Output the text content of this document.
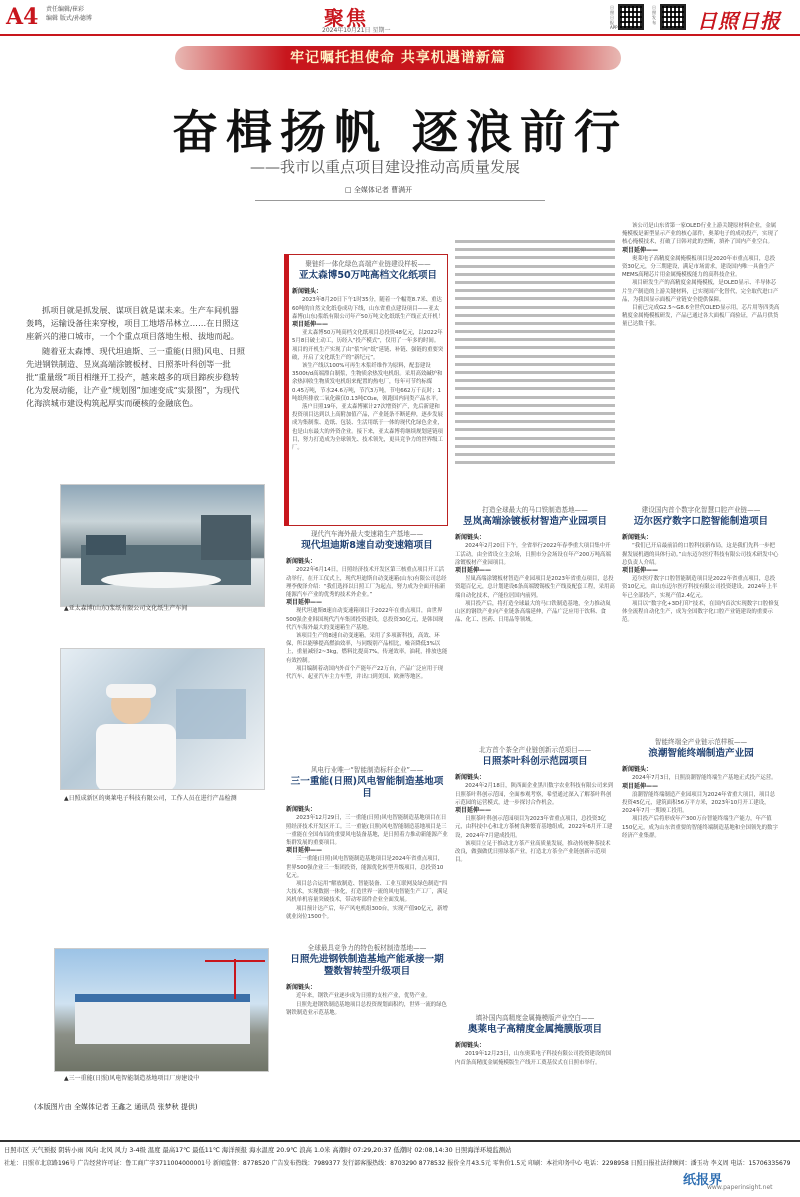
A4 责任编辑/崔彩
编辑 版式/孙德博	聚焦
2024年10月21日 星期一
日照日报APP
日照发布 日照日报
牢记嘱托担使命 共享机遇谱新篇
奋楫扬帆 逐浪前行
——我市以重点项目建设推动高质量发展
□ 全媒体记者 曹满开

抓项目就是抓发展、谋项目就是谋未来。生产车间机器轰鸣，运输设备往来穿梭，项目工地塔吊林立……在日照这座新兴的港口城市，一个个重点项目落地生根、拔地而起。

随着亚太森博、现代坦迪斯、三一重能(日照)风电、日照先进钢铁制造、昱岚高端涂镀板材、日照茶叶科创等一批批“重量级”项目相继开工投产，越来越多的项目蹄疾步稳转化为发展动能，让产业“规划图”加速变成“实景图”，为现代化海滨城市建设构筑起厚实而硬核的金融底色。

▲亚太森博(山东)浆纸有限公司文化纸生产车间
▲日照成新区的奥莱电子科技有限公司，工作人员在进行产品检测
▲三一重能(日照)风电智能制造基地项目厂房建设中
(本版图片由 全媒体记者 王鑫之 通讯员 张梦秋 提供)
聚链纤一体化绿色高端产业链建设样板——
亚太森博50万吨高档文化纸项目
新闻链头：

2023年8月20日下午1时35分，随着一个幅宽8.7米、重达60吨的自然文化纸卷成功下线，山东省重点建设项目——亚太森博(山东)浆纸有限公司年产50万吨文化纸纸生产线正式开机！

项目延伸——

亚太森博50万吨高档文化纸项目总投资48亿元，以2022年5月8日破土动工，历经入“投产模式”，仅用了一年多的时间。项目的开机生产实现了由“浆”向“纸”延链、补链、强链的重要突破，开启了文化纸生产的“新纪元”。

该生产线以100%可再生木浆纤维作为原料，配套建设3500t/d高端漂白制浆，生物质余热发电机组。采用高效碱炉和余热回收生物质发电机组来配置的热电厂，每年可节约标煤0.45万吨，节水24.6万吨，节汽3万吨，节电662万千瓦时；1吨纸所排放二氧化碳仅0.13吨CO₂e，领跑国内同类产品水平。

落户日照19年，亚太森博累计27次增资扩产，先后新建和投资项目达到以上高附加值产品，产业链条不断延伸，逐步发展成为集制浆、造纸、包装、生活用纸于一体的现代化绿色企业，也是山东最大的外资企业。接下来，亚太森博将继续规划延链项目，努力打造成为全球领先、技术领先，更具竞争力的世界级工厂。

现代汽车海外最大变速箱生产基地——
现代坦迪斯8速自动变速箱项目
新闻链头：

2022年6月14日，日照经济技术开发区第三核重点项目开工活动举行，在开工仪式上，现代坦迪斯自动变速箱(山东)有限公司总经理李俊泽介绍：“我们选择以日照工厂为起点，努力成为全面开拓新能源汽车产业的优秀的技术外企业。”

项目延伸——

现代坦迪斯8速自动变速箱项目于2022年在重点项目，由世界500强企业韩国现代汽车集团投资建设，总投资30亿元，是韩国现代汽车海外最大的变速箱生产基地。

该项目生产的8速自动变速箱，采用了多项新科技，高效、环保，所以能够提高燃油效率，与同级别产品相比，噪音降低3%以上，重量减轻2~3kg，燃料比提高7%，传递效率，油耗，排放也能有效控制。

项目编制着动国内外首个产能年产22万台，产品广泛应用于现代汽车、起亚汽车主力车型，并出口到美国、欧洲等地区。

风电行业唯一“智能制造标杆企业”——
三一重能(日照)风电智能制造基地项目
新闻链头：

2023年12月29日，三一重能(日照)风电智能制造基地项目在日照经济技术开发区开工。三一重能(日照)风电智能制造基地项目是三一重能在全国布局的重要风电装备基地，是日照着力推动新能源产业集群发展的重要项目。

项目延伸——

三一重能(日照)风电智能制造基地项目是2024年省重点项目，世界500强企业三一集团投资，能源优化转型升级项目，总投资10亿元。

项目总合运用“解放制造、智能装备、工业互联网及绿色制造”四大技术，实现数据一体化，打造世界一流的风电智能生产工厂，满足风机单机容量突破技术，带动零部件企业全面发展。

项目预计达产后，年产风电机组300台，实现产值90亿元，新增就业岗位1500个。

全球最具竞争力的特色板材制造基地——
日照先进钢铁制造基地产能承接一期暨数智转型升级项目
新闻链头：

近年来，钢铁产业逐步成为日照的支柱产业，优势产业。

日照先进钢铁制造基地项目总投资规划面积约，世界一流的绿色钢铁制造业示范基地。

打造全球最大的马口铁制造基地——
昱岚高端涂镀板材智造产业园项目
新闻链头：

2024年2月20日下午，全省举行2022年春季重大项目集中开工活动，由全省设立主会场，日照市分会场设在年产200万吨高端涂镀板材产业园项目。

项目延伸——

昱岚高端涂镀板材智造产业园项目是2023年省重点项目，总投资超百亿元，总计划建设6条高端镀锡板生产线及配套工程，采用高端自动化技术，产能位居国内前列。

项目投产后，将打造全球最大的马口铁制造基地，全力推动岚山区的钢铁产业向产业链条高端延伸，产品广泛应用于饮料、食品、化工、医药、日用品等领域。

北方首个茶全产业链创新示范项目——
日照茶叶科创示范园项目
新闻链头：

2024年2月18日，陕西面企业黑川数字农业科技有限公司来到日照茶叶科创示范园，全面参观考察，希望通过深入了解茶叶科创示范园的运营模式，进一步探讨合作机会。

项目延伸——

日照茶叶科创示范园项目为2023年省重点项目，总投资3亿元，由科技中心和北方茶树良种繁育基地组成，2022年6月开工建设，2024年7月建成投用。

该项目立足于推动北方茶产业高质量发展，推动传统种茶技术改良，做强做优日照绿茶产业，打造北方茶全产业链创新示范项目。

填补国内高精度金属掩模版产业空白——
奥莱电子高精度金属掩膜版项目
新闻链头：

2019年12月23日，山东奥莱电子科技有限公司投资建设的国内首条高精度金属掩模版生产线开工奠基仪式在日照市举行。

该公司是山东省第一家OLED行业上游关键原材料企业，金属掩模板是新型显示产业的核心部件，奥莱电子的成功投产，实现了核心掩模技术，打破了日韩对此的垄断，填补了国内产业空白。

项目延伸——

奥莱电子高精度金属掩模板项目是2020年市重点项目，总投资30亿元，分三期建设，满足市场需求，建设国内唯一具备生产MEMS高精芯片用金属掩模板能力的高科技企业。

项目研发生产的高精度金属掩模板，是OLED显示、半导体芯片生产制造的上游关键材料，已实现国产化替代，完全取代进口产品，为我国显示面板产业链安全提供保障。

目前已完成G2.5~G8.6全世代OLED显示用，芯片用等四类高精度金属掩模板研发，产品已通过各大面板厂商验证，产品月供货量已达数千张。

建设国内首个数字化智慧口腔产业链——
迈尔医疗数字口腔智能制造项目
新闻链头：

“我们已开启最前沿的口腔科技新布局，这是我们先科一步把握发展机遇的具体行动。”山东迈尔医疗科技有限公司技术研发中心总负责人介绍。

项目延伸——

迈尔医疗数字口腔智能制造项目是2022年省重点项目，总投资10亿元，由山东迈尔医疗科技有限公司投资建设。2024年上半年已全部投产，实现产值2.4亿元。

项目以“数字化+3D打印”技术，在国内首次实现数字口腔修复体全流程自动化生产，成为全国数字化口腔产业链建设的重要示范。

智能终端全产业链示范样板——
浪潮智能终端制造产业园
新闻链头：

2024年7月3日，日照浪潮智能终端生产基地正式投产运营。

项目延伸——

浪潮智能终端制造产业园项目为2024年省重大项目，项目总投资45亿元，建筑面积56万平方米，2023年10月开工建设，2024年7月一期竣工投用。

项目投产后将形成年产300万台智能终端生产能力，年产值150亿元，成为山东省重要的智能终端制造基地和全国领先的数字经济产业集群。

日照市区 天气预报 阴转小雨 风向 北风 风力 3-4级 温度 最高17℃ 最低11℃ 海洋预报 海水温度 20.9℃ 浪高 1.0米 高潮时 07:29,20:37 低潮时 02:08,14:30 日照海洋环境监测站
社址：日照市北京路196号 广告经营许可证：鲁工商广字3711004000001号 新闻监督：8778520 广告发布热线：7989377 发行部客服热线：8703290 8778532 报价全月43.5元 零售价1.5元 印刷：本社印务中心 电话：2298958 日照日报社法律顾问：潘玉功 李义周 电话：15706335679
纸报界
www.paperinsight.net
